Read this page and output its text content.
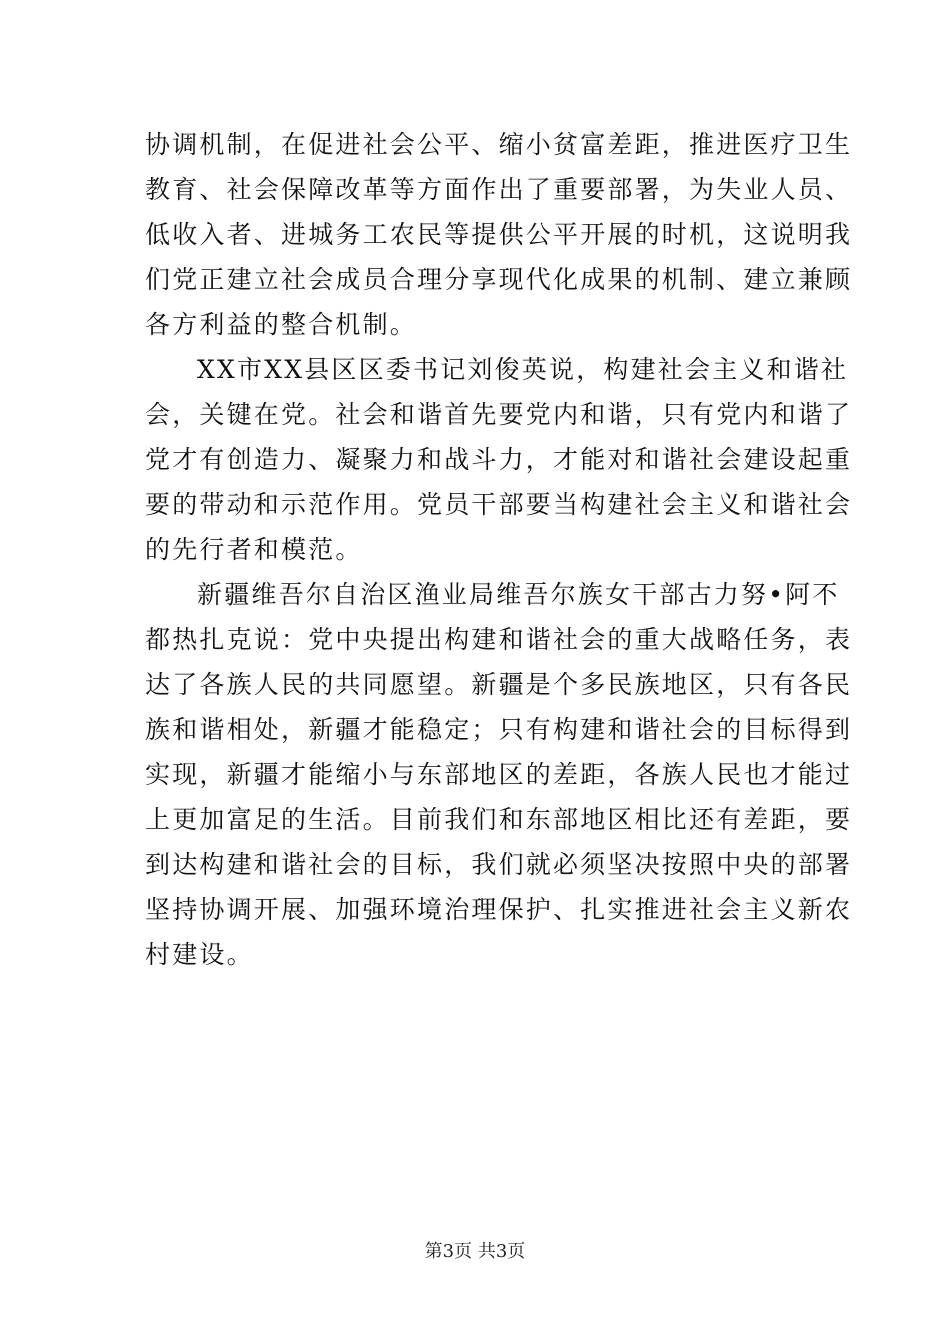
协调机制，在促进社会公平、缩小贫富差距，推进医疗卫生
教育、社会保障改革等方面作出了重要部署，为失业人员、
低收入者、进城务工农民等提供公平开展的时机，这说明我
们党正建立社会成员合理分享现代化成果的机制、建立兼顾
各方利益的整合机制。
XX市XX县区区委书记刘俊英说，构建社会主义和谐社
会，关键在党。社会和谐首先要党内和谐，只有党内和谐了
党才有创造力、凝聚力和战斗力，才能对和谐社会建设起重
要的带动和示范作用。党员干部要当构建社会主义和谐社会
的先行者和模范。
新疆维吾尔自治区渔业局维吾尔族女干部古力努•阿不
都热扎克说：党中央提出构建和谐社会的重大战略任务，表
达了各族人民的共同愿望。新疆是个多民族地区，只有各民
族和谐相处，新疆才能稳定；只有构建和谐社会的目标得到
实现，新疆才能缩小与东部地区的差距，各族人民也才能过
上更加富足的生活。目前我们和东部地区相比还有差距，要
到达构建和谐社会的目标，我们就必须坚决按照中央的部署
坚持协调开展、加强环境治理保护、扎实推进社会主义新农
村建设。
第3页 共3页
